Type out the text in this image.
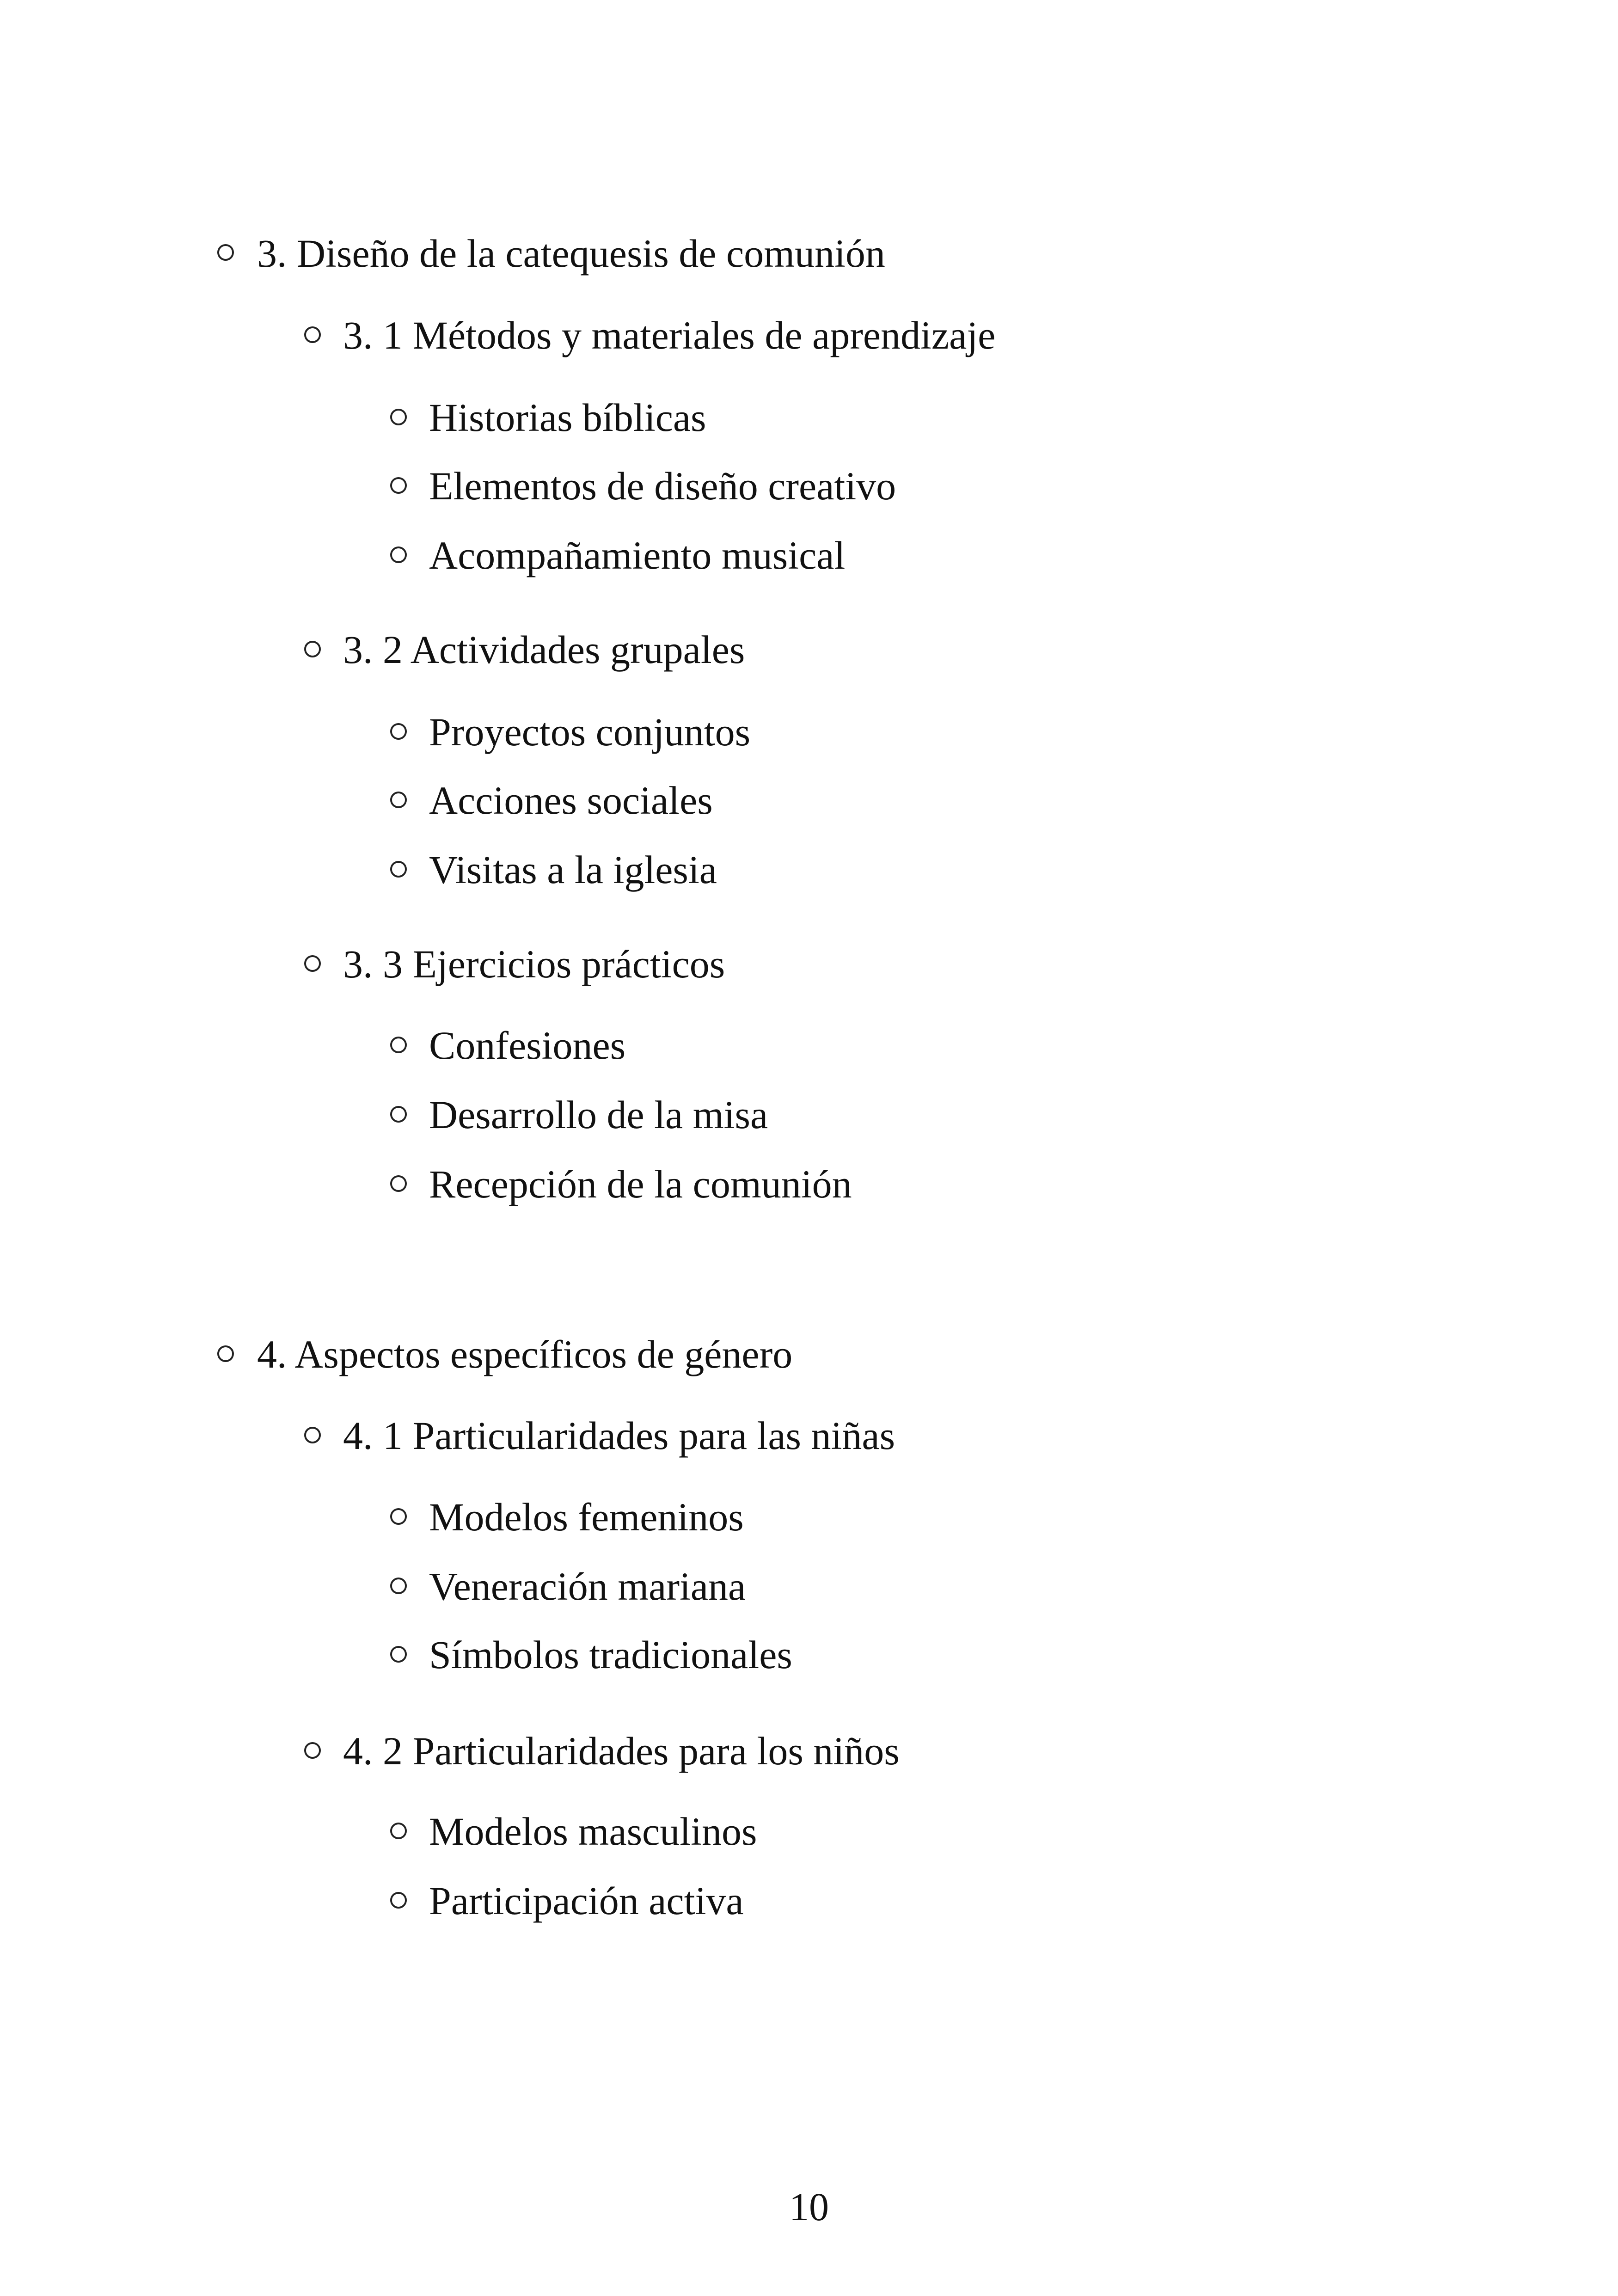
3. Diseño de la catequesis de comunión
3. 1 Métodos y materiales de aprendizaje
Historias bíblicas
Elementos de diseño creativo
Acompañamiento musical
3. 2 Actividades grupales
Proyectos conjuntos
Acciones sociales
Visitas a la iglesia
3. 3 Ejercicios prácticos
Confesiones
Desarrollo de la misa
Recepción de la comunión
4. Aspectos específicos de género
4. 1 Particularidades para las niñas
Modelos femeninos
Veneración mariana
Símbolos tradicionales
4. 2 Particularidades para los niños
Modelos masculinos
Participación activa
10
